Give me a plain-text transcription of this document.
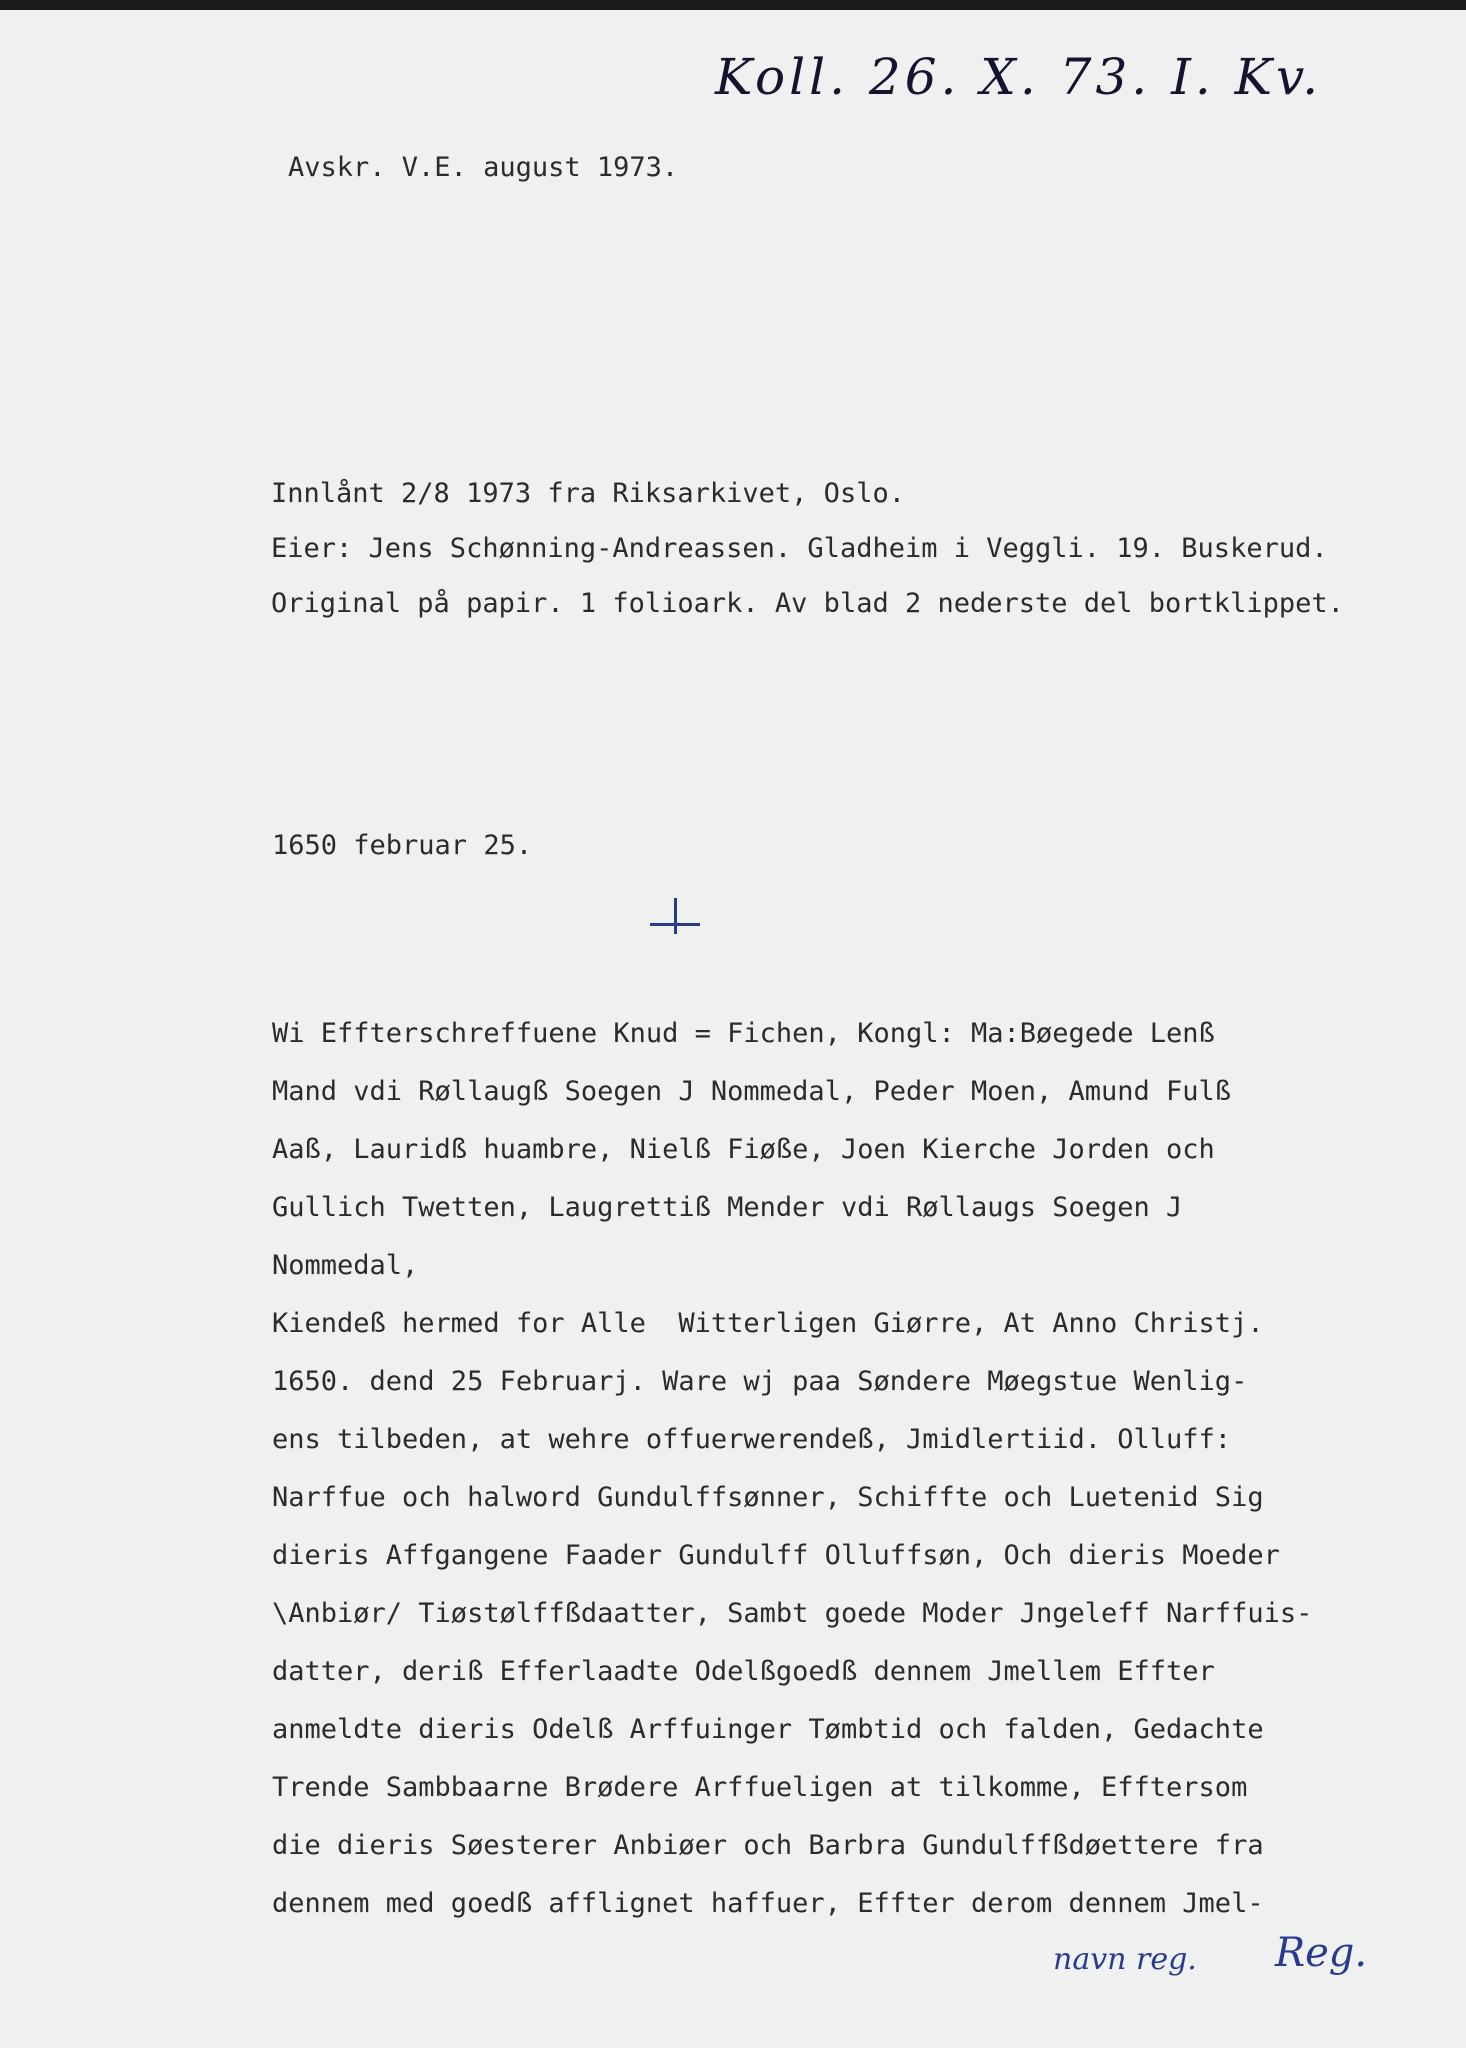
Koll. 26. X. 73. I. Kv.
Avskr. V.E. august 1973.
Innlånt 2/8 1973 fra Riksarkivet, Oslo.
Eier: Jens Schønning-Andreassen. Gladheim i Veggli. 19. Buskerud.
Original på papir. 1 folioark. Av blad 2 nederste del bortklippet.
1650 februar 25.
Wi Effterschreffuene Knud = Fichen, Kongl: Ma:Bøegede Lenß
Mand vdi Røllaugß Soegen J Nommedal, Peder Moen, Amund Fulß
Aaß, Lauridß huambre, Nielß Fiøße, Joen Kierche Jorden och
Gullich Twetten, Laugrettiß Mender vdi Røllaugs Soegen J
Nommedal,
Kiendeß hermed for Alle  Witterligen Giørre, At Anno Christj.
1650. dend 25 Februarj. Ware wj paa Søndere Møegstue Wenlig-
ens tilbeden, at wehre offuerwerendeß, Jmidlertiid. Olluff:
Narffue och halword Gundulffsønner, Schiffte och Luetenid Sig
dieris Affgangene Faader Gundulff Olluffsøn, Och dieris Moeder
\Anbiør/ Tiøstølffßdaatter, Sambt goede Moder Jngeleff Narffuis-
datter, deriß Efferlaadte Odelßgoedß dennem Jmellem Effter
anmeldte dieris Odelß Arffuinger Tømbtid och falden, Gedachte
Trende Sambbaarne Brødere Arffueligen at tilkomme, Efftersom
die dieris Søesterer Anbiøer och Barbra Gundulffßdøettere fra
dennem med goedß afflignet haffuer, Effter derom dennem Jmel-
navn reg. Reg.
